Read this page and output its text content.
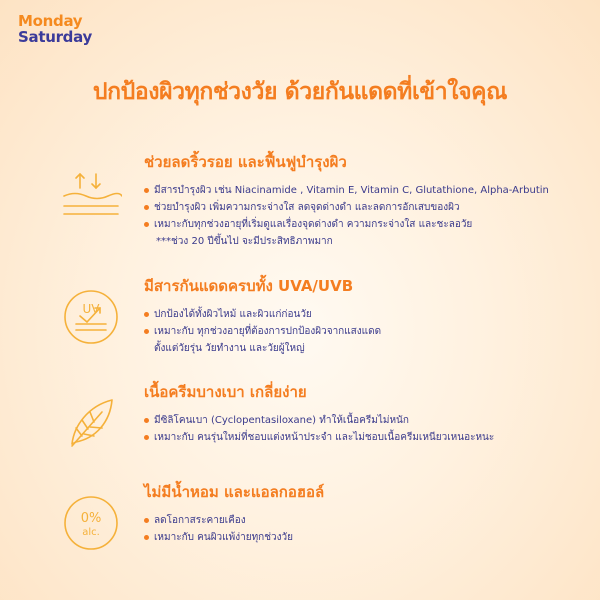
Monday
Saturday
ปกป้องผิวทุกช่วงวัย ด้วยกันแดดที่เข้าใจคุณ
ช่วยลดริ้วรอย และฟื้นฟูบำรุงผิว
มีสารบำรุงผิว เช่น Niacinamide , Vitamin E, Vitamin C, Glutathione, Alpha-Arbutin
ช่วยบำรุงผิว เพิ่มความกระจ่างใส ลดจุดด่างดำ และลดการอักเสบของผิว
เหมาะกับทุกช่วงอายุที่เริ่มดูแลเรื่องจุดด่างดำ ความกระจ่างใส และชะลอวัย
***ช่วง 20 ปีขึ้นไป จะมีประสิทธิภาพมาก
UV
มีสารกันแดดครบทั้ง UVA/UVB
ปกป้องได้ทั้งผิวไหม้ และผิวแก่ก่อนวัย
เหมาะกับ ทุกช่วงอายุที่ต้องการปกป้องผิวจากแสงแดด
ตั้งแต่วัยรุ่น วัยทำงาน และวัยผู้ใหญ่
เนื้อครีมบางเบา เกลี่ยง่าย
มีซิลิโคนเบา (Cyclopentasiloxane) ทำให้เนื้อครีมไม่หนัก
เหมาะกับ คนรุ่นใหม่ที่ชอบแต่งหน้าประจำ และไม่ชอบเนื้อครีมเหนียวเหนอะหนะ
0%
alc.
ไม่มีน้ำหอม และแอลกอฮอล์
ลดโอกาสระคายเคือง
เหมาะกับ คนผิวแพ้ง่ายทุกช่วงวัย
